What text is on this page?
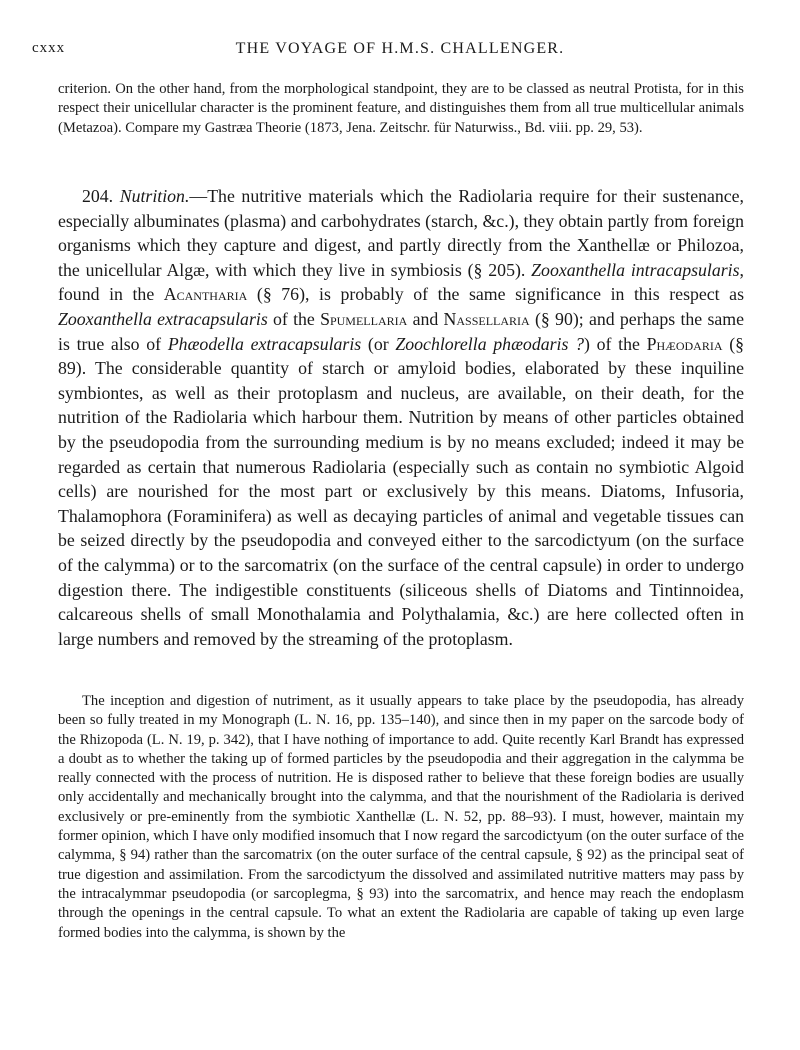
cxxx	THE VOYAGE OF H.M.S. CHALLENGER.

criterion. On the other hand, from the morphological standpoint, they are to be classed as neutral Protista, for in this respect their unicellular character is the prominent feature, and distinguishes them from all true multicellular animals (Metazoa). Compare my Gastræa Theorie (1873, Jena. Zeitschr. für Naturwiss., Bd. viii. pp. 29, 53).

204. Nutrition.—The nutritive materials which the Radiolaria require for their sustenance, especially albuminates (plasma) and carbohydrates (starch, &c.), they obtain partly from foreign organisms which they capture and digest, and partly directly from the Xanthellæ or Philozoa, the unicellular Algæ, with which they live in symbiosis (§ 205). Zooxanthella intracapsularis, found in the Acantharia (§ 76), is probably of the same significance in this respect as Zooxanthella extracapsularis of the Spumellaria and Nassellaria (§ 90); and perhaps the same is true also of Phæodella extracapsularis (or Zoochlorella phæodaris ?) of the Phæodaria (§ 89). The considerable quantity of starch or amyloid bodies, elaborated by these inquiline symbiontes, as well as their protoplasm and nucleus, are available, on their death, for the nutrition of the Radiolaria which harbour them. Nutrition by means of other particles obtained by the pseudopodia from the surrounding medium is by no means excluded; indeed it may be regarded as certain that numerous Radiolaria (especially such as contain no symbiotic Algoid cells) are nourished for the most part or exclusively by this means. Diatoms, Infusoria, Thalamophora (Foraminifera) as well as decaying particles of animal and vegetable tissues can be seized directly by the pseudopodia and conveyed either to the sarcodictyum (on the surface of the calymma) or to the sarcomatrix (on the surface of the central capsule) in order to undergo digestion there. The indigestible constituents (siliceous shells of Diatoms and Tintinnoidea, calcareous shells of small Monothalamia and Polythalamia, &c.) are here collected often in large numbers and removed by the streaming of the protoplasm.

The inception and digestion of nutriment, as it usually appears to take place by the pseudopodia, has already been so fully treated in my Monograph (L. N. 16, pp. 135–140), and since then in my paper on the sarcode body of the Rhizopoda (L. N. 19, p. 342), that I have nothing of importance to add. Quite recently Karl Brandt has expressed a doubt as to whether the taking up of formed particles by the pseudopodia and their aggregation in the calymma be really connected with the process of nutrition. He is disposed rather to believe that these foreign bodies are usually only accidentally and mechanically brought into the calymma, and that the nourishment of the Radiolaria is derived exclusively or pre-eminently from the symbiotic Xanthellæ (L. N. 52, pp. 88–93). I must, however, maintain my former opinion, which I have only modified insomuch that I now regard the sarcodictyum (on the outer surface of the calymma, § 94) rather than the sarcomatrix (on the outer surface of the central capsule, § 92) as the principal seat of true digestion and assimilation. From the sarcodictyum the dissolved and assimilated nutritive matters may pass by the intracalymmar pseudopodia (or sarcoplegma, § 93) into the sarcomatrix, and hence may reach the endoplasm through the openings in the central capsule. To what an extent the Radiolaria are capable of taking up even large formed bodies into the calymma, is shown by the
